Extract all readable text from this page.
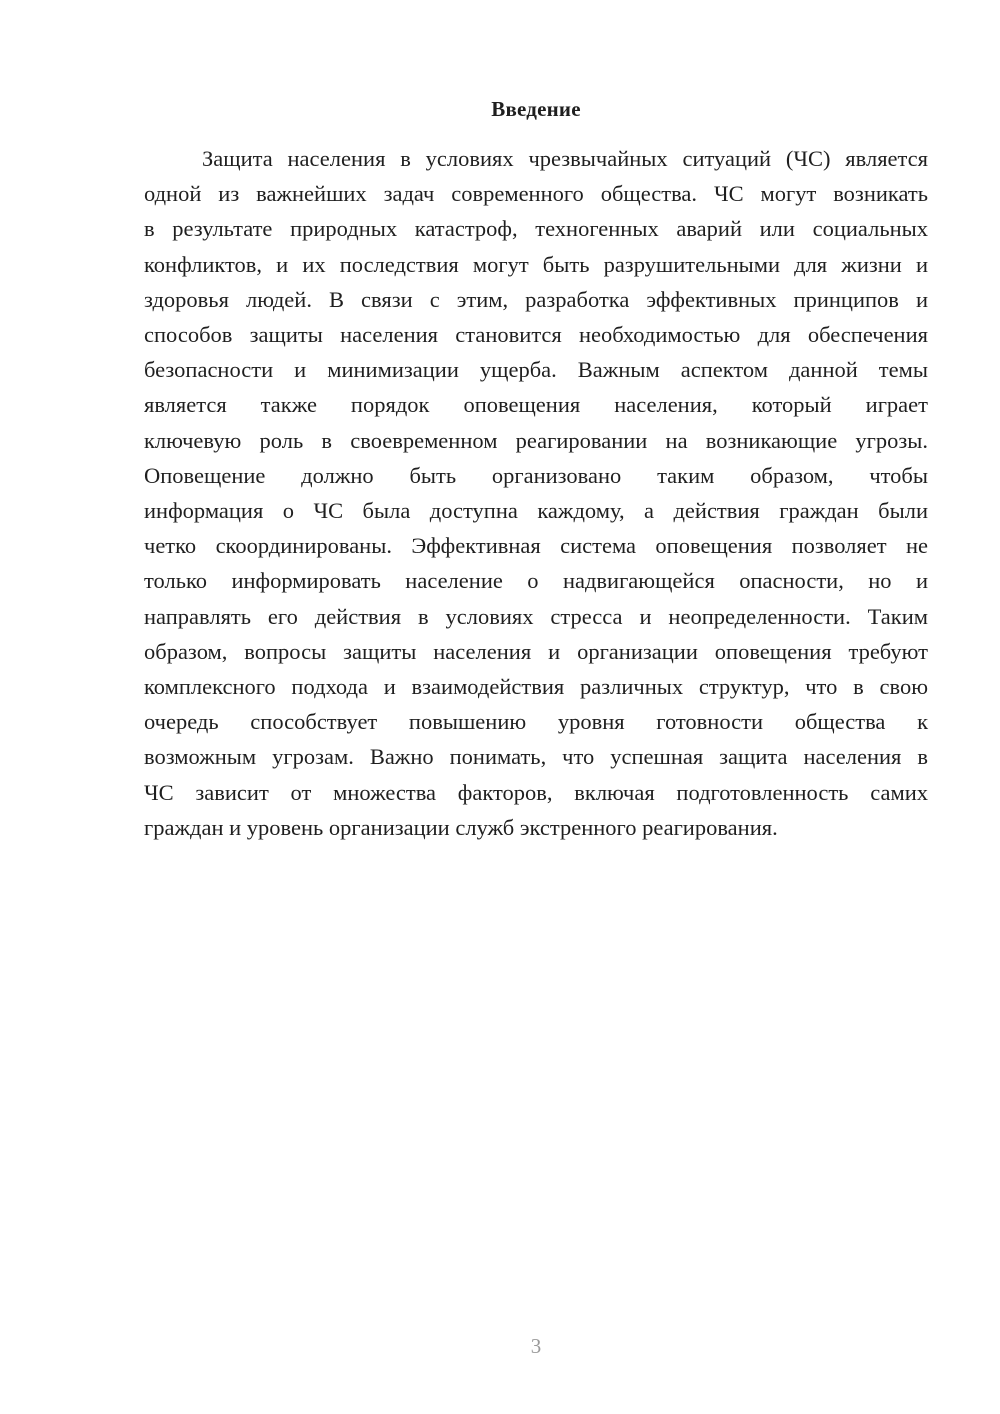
Введение
Защита населения в условиях чрезвычайных ситуаций (ЧС) является
одной из важнейших задач современного общества. ЧС могут возникать
в результате природных катастроф, техногенных аварий или социальных
конфликтов, и их последствия могут быть разрушительными для жизни и
здоровья людей. В связи с этим, разработка эффективных принципов и
способов защиты населения становится необходимостью для обеспечения
безопасности и минимизации ущерба. Важным аспектом данной темы
является также порядок оповещения населения, который играет
ключевую роль в своевременном реагировании на возникающие угрозы.
Оповещение должно быть организовано таким образом, чтобы
информация о ЧС была доступна каждому, а действия граждан были
четко скоординированы. Эффективная система оповещения позволяет не
только информировать население о надвигающейся опасности, но и
направлять его действия в условиях стресса и неопределенности. Таким
образом, вопросы защиты населения и организации оповещения требуют
комплексного подхода и взаимодействия различных структур, что в свою
очередь способствует повышению уровня готовности общества к
возможным угрозам. Важно понимать, что успешная защита населения в
ЧС зависит от множества факторов, включая подготовленность самих
граждан и уровень организации служб экстренного реагирования.
3
